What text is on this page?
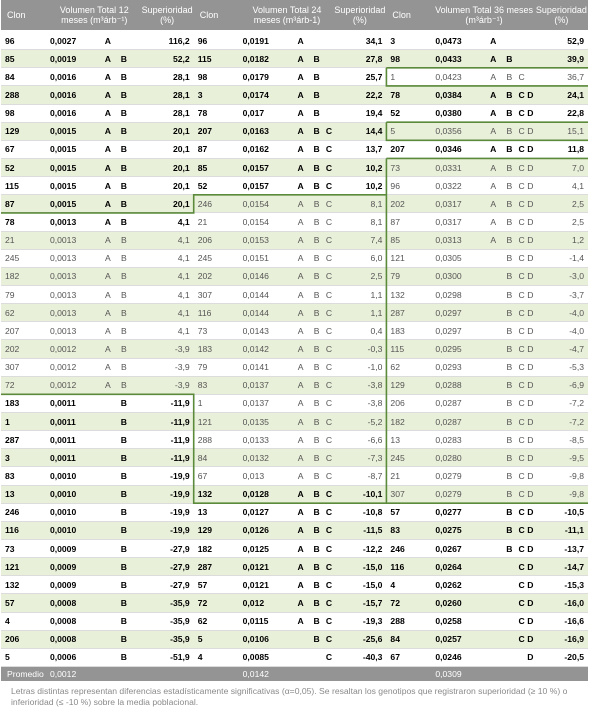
Clon	Volumen Total 12 meses (m³árb⁻¹)				Superioridad (%)	Clon	Volumen Total 24 meses (m³árb-1)				Superioridad (%)	Clon	Volumen Total 36 meses (m³árb⁻¹)					Superioridad (%)
96	0,0027	A			116,2	96	0,0191	A			34,1	3	0,0473	A				52,9
85	0,0019	A	B		52,2	115	0,0182	A	B		27,8	98	0,0433	A	B			39,9
84	0,0016	A	B		28,1	98	0,0179	A	B		25,7	1	0,0423	A	B	C		36,7
288	0,0016	A	B		28,1	3	0,0174	A	B		22,2	78	0,0384	A	B	C	D	24,1
98	0,0016	A	B		28,1	78	0,017	A	B		19,4	52	0,0380	A	B	C	D	22,8
129	0,0015	A	B		20,1	207	0,0163	A	B	C	14,4	5	0,0356	A	B	C	D	15,1
67	0,0015	A	B		20,1	87	0,0162	A	B	C	13,7	207	0,0346	A	B	C	D	11,8
52	0,0015	A	B		20,1	85	0,0157	A	B	C	10,2	73	0,0331	A	B	C	D	7,0
115	0,0015	A	B		20,1	52	0,0157	A	B	C	10,2	96	0,0322	A	B	C	D	4,1
87	0,0015	A	B		20,1	246	0,0154	A	B	C	8,1	202	0,0317	A	B	C	D	2,5
78	0,0013	A	B		4,1	21	0,0154	A	B	C	8,1	87	0,0317	A	B	C	D	2,5
21	0,0013	A	B		4,1	206	0,0153	A	B	C	7,4	85	0,0313	A	B	C	D	1,2
245	0,0013	A	B		4,1	245	0,0151	A	B	C	6,0	121	0,0305		B	C	D	-1,4
182	0,0013	A	B		4,1	202	0,0146	A	B	C	2,5	79	0,0300		B	C	D	-3,0
79	0,0013	A	B		4,1	307	0,0144	A	B	C	1,1	132	0,0298		B	C	D	-3,7
62	0,0013	A	B		4,1	116	0,0144	A	B	C	1,1	287	0,0297		B	C	D	-4,0
207	0,0013	A	B		4,1	73	0,0143	A	B	C	0,4	183	0,0297		B	C	D	-4,0
202	0,0012	A	B		-3,9	183	0,0142	A	B	C	-0,3	115	0,0295		B	C	D	-4,7
307	0,0012	A	B		-3,9	79	0,0141	A	B	C	-1,0	62	0,0293		B	C	D	-5,3
72	0,0012	A	B		-3,9	83	0,0137	A	B	C	-3,8	129	0,0288		B	C	D	-6,9
183	0,0011		B		-11,9	1	0,0137	A	B	C	-3,8	206	0,0287		B	C	D	-7,2
1	0,0011		B		-11,9	121	0,0135	A	B	C	-5,2	182	0,0287		B	C	D	-7,2
287	0,0011		B		-11,9	288	0,0133	A	B	C	-6,6	13	0,0283		B	C	D	-8,5
3	0,0011		B		-11,9	84	0,0132	A	B	C	-7,3	245	0,0280		B	C	D	-9,5
83	0,0010		B		-19,9	67	0,013	A	B	C	-8,7	21	0,0279		B	C	D	-9,8
13	0,0010		B		-19,9	132	0,0128	A	B	C	-10,1	307	0,0279		B	C	D	-9,8
246	0,0010		B		-19,9	13	0,0127	A	B	C	-10,8	57	0,0277		B	C	D	-10,5
116	0,0010		B		-19,9	129	0,0126	A	B	C	-11,5	83	0,0275		B	C	D	-11,1
73	0,0009		B		-27,9	182	0,0125	A	B	C	-12,2	246	0,0267		B	C	D	-13,7
121	0,0009		B		-27,9	287	0,0121	A	B	C	-15,0	116	0,0264			C	D	-14,7
132	0,0009		B		-27,9	57	0,0121	A	B	C	-15,0	4	0,0262			C	D	-15,3
57	0,0008		B		-35,9	72	0,012	A	B	C	-15,7	72	0,0260			C	D	-16,0
4	0,0008		B		-35,9	62	0,0115	A	B	C	-19,3	288	0,0258			C	D	-16,6
206	0,0008		B		-35,9	5	0,0106		B	C	-25,6	84	0,0257			C	D	-16,9
5	0,0006		B		-51,9	4	0,0085			C	-40,3	67	0,0246				D	-20,5
Promedio	0,0012						0,0142						0,0309					
Letras distintas representan diferencias estadísticamente significativas (α=0,05). Se resaltan los genotipos que registraron superioridad (≥ 10 %) o inferioridad (≤ -10 %) sobre la media poblacional.
